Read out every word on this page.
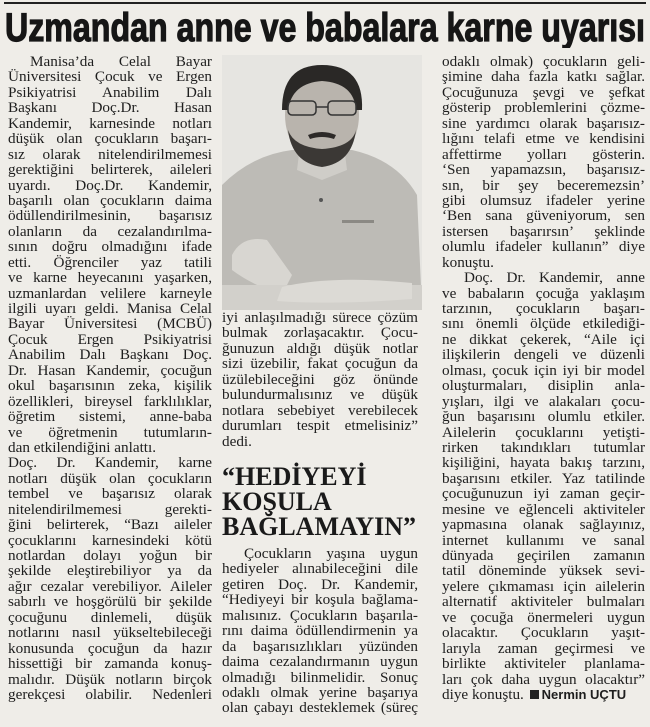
Uzmandan anne ve babalara karne uyarısı
Manisa’da Celal Bayar
Üniversitesi Çocuk ve Ergen
Psikiyatrisi Anabilim Dalı
Başkanı Doç.Dr. Hasan
Kandemir, karnesinde notları
düşük olan çocukların başarı-
sız olarak nitelendirilmemesi
gerektiğini belirterek, aileleri
uyardı. Doç.Dr. Kandemir,
başarılı olan çocukların daima
ödüllendirilmesinin, başarısız
olanların da cezalandırılma-
sının doğru olmadığını ifade
etti. Öğrenciler yaz tatili
ve karne heyecanını yaşarken,
uzmanlardan velilere karneyle
ilgili uyarı geldi. Manisa Celal
Bayar Üniversitesi (MCBÜ)
Çocuk Ergen Psikiyatrisi
Anabilim Dalı Başkanı Doç.
Dr. Hasan Kandemir, çocuğun
okul başarısının zeka, kişilik
özellikleri, bireysel farklılıklar,
öğretim sistemi, anne-baba
ve öğretmenin tutumların-
dan etkilendiğini anlattı.
Doç. Dr. Kandemir, karne
notları düşük olan çocukların
tembel ve başarısız olarak
nitelendirilmemesi gerekti-
ğini belirterek, “Bazı aileler
çocuklarını karnesindeki kötü
notlardan dolayı yoğun bir
şekilde eleştirebiliyor ya da
ağır cezalar verebiliyor. Aileler
sabırlı ve hoşgörülü bir şekilde
çocuğunu dinlemeli, düşük
notlarını nasıl yükseltebileceği
konusunda çocuğun da hazır
hissettiği bir zamanda konuş-
malıdır. Düşük notların birçok
gerekçesi olabilir. Nedenleri
iyi anlaşılmadığı sürece çözüm
bulmak zorlaşacaktır. Çocu-
ğunuzun aldığı düşük notlar
sizi üzebilir, fakat çocuğun da
üzülebileceğini göz önünde
bulundurmalısınız ve düşük
notlara sebebiyet verebilecek
durumları tespit etmelisiniz”
dedi.
“HEDİYEYİ
KOŞULA
BAĞLAMAYIN”
Çocukların yaşına uygun
hediyeler alınabileceğini dile
getiren Doç. Dr. Kandemir,
“Hediyeyi bir koşula bağlama-
malısınız. Çocukların başarıla-
rını daima ödüllendirmenin ya
da başarısızlıkları yüzünden
daima cezalandırmanın uygun
olmadığı bilinmelidir. Sonuç
odaklı olmak yerine başarıya
olan çabayı desteklemek (süreç
odaklı olmak) çocukların geli-
şimine daha fazla katkı sağlar.
Çocuğunuza şevgi ve şefkat
gösterip problemlerini çözme-
sine yardımcı olarak başarısız-
lığını telafi etme ve kendisini
affettirme yolları gösterin.
‘Sen yapamazsın, başarısız-
sın, bir şey beceremezsin’
gibi olumsuz ifadeler yerine
‘Ben sana güveniyorum, sen
istersen başarırsın’ şeklinde
olumlu ifadeler kullanın” diye
konuştu.
Doç. Dr. Kandemir, anne
ve babaların çocuğa yaklaşım
tarzının, çocukların başarı-
sını önemli ölçüde etkilediği-
ne dikkat çekerek, “Aile içi
ilişkilerin dengeli ve düzenli
olması, çocuk için iyi bir model
oluşturmaları, disiplin anla-
yışları, ilgi ve alakaları çocu-
ğun başarısını olumlu etkiler.
Ailelerin çocuklarını yetişti-
rirken takındıkları tutumlar
kişiliğini, hayata bakış tarzını,
başarısını etkiler. Yaz tatilinde
çocuğunuzun iyi zaman geçir-
mesine ve eğlenceli aktiviteler
yapmasına olanak sağlayınız,
internet kullanımı ve sanal
dünyada geçirilen zamanın
tatil döneminde yüksek sevi-
yelere çıkmaması için ailelerin
alternatif aktiviteler bulmaları
ve çocuğa önermeleri uygun
olacaktır. Çocukların yaşıt-
larıyla zaman geçirmesi ve
birlikte aktiviteler planlama-
ları çok daha uygun olacaktır”
diye konuştu. Nermin UÇTU
